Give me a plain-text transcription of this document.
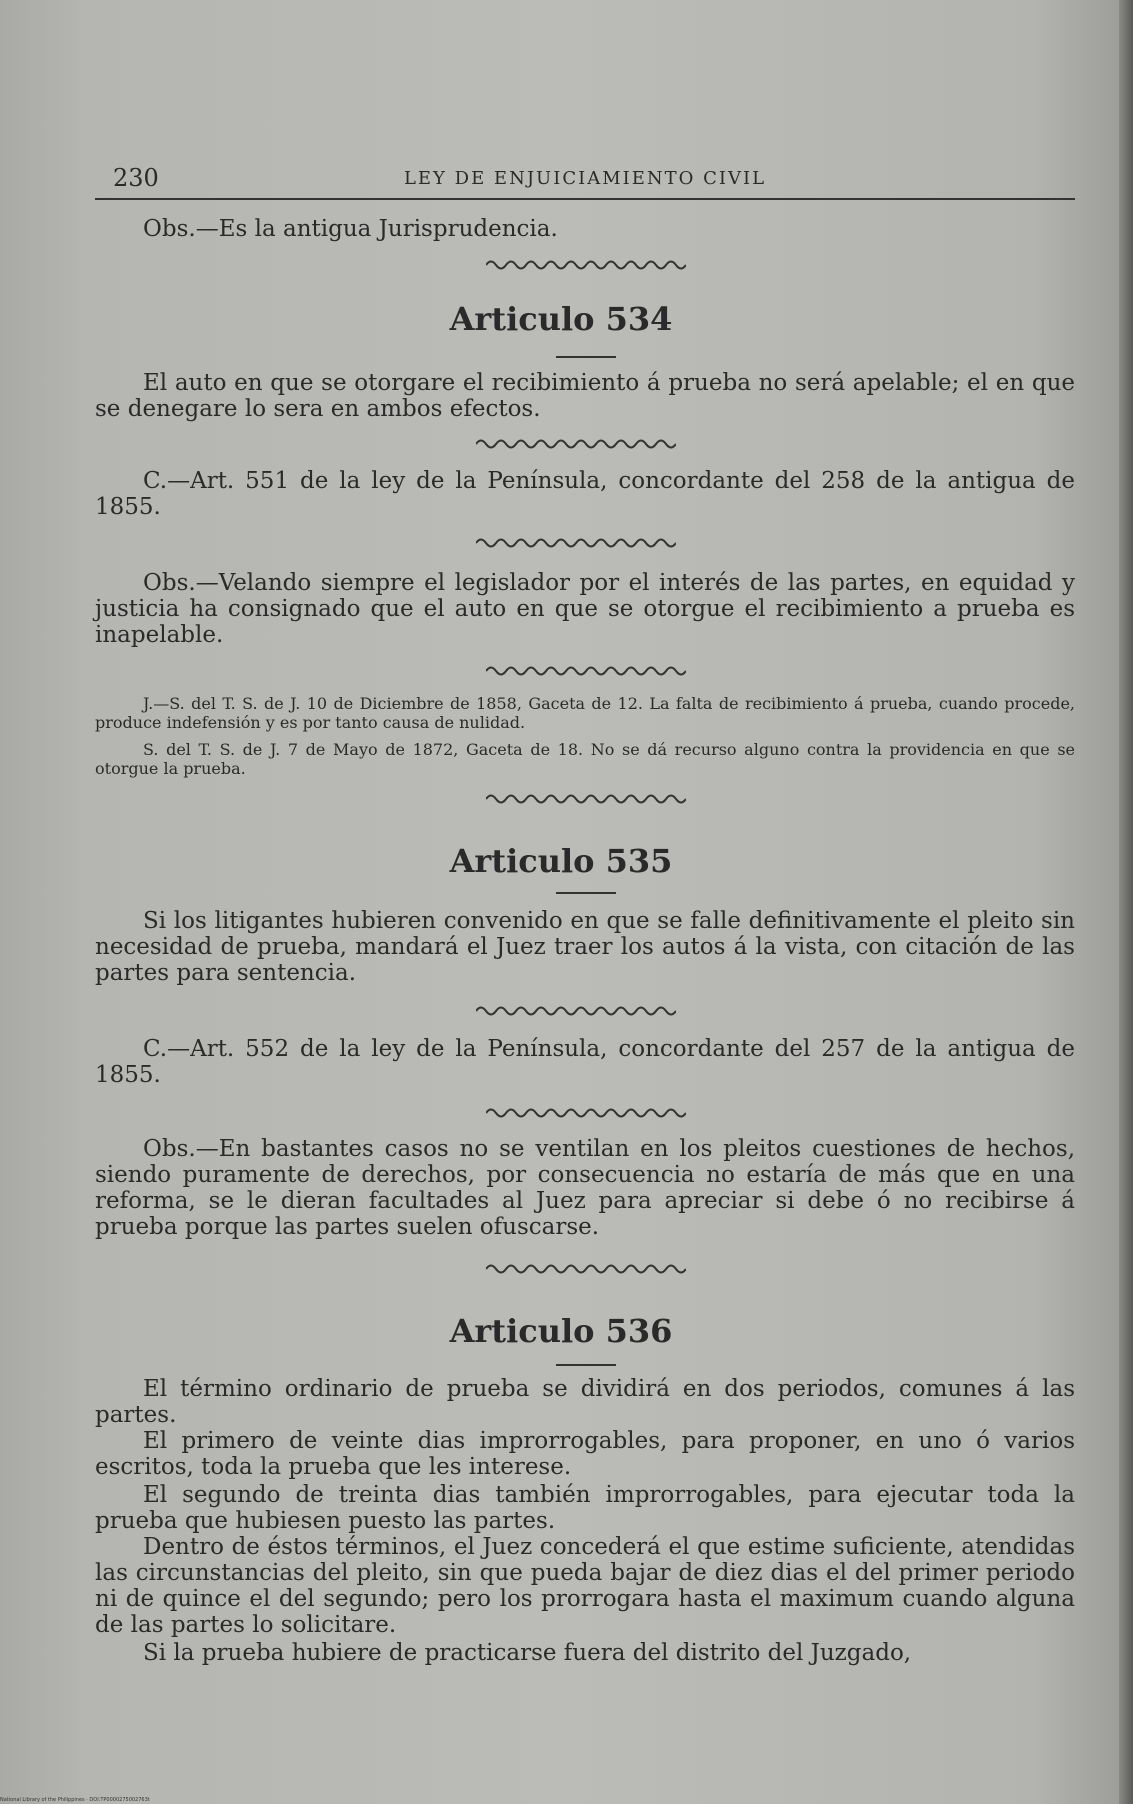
230	LEY DE ENJUICIAMIENTO CIVIL

Obs.—Es la antigua Jurisprudencia.

Articulo 534

El auto en que se otorgare el recibimiento á prueba no será apelable; el en que se denegare lo sera en ambos efectos.

C.—Art. 551 de la ley de la Península, concordante del 258 de la antigua de 1855.

Obs.—Velando siempre el legislador por el interés de las partes, en equidad y justicia ha consignado que el auto en que se otorgue el recibimiento a prueba es inapelable.

J.—S. del T. S. de J. 10 de Diciembre de 1858, Gaceta de 12. La falta de recibimiento á prueba, cuando procede, produce indefensión y es por tanto causa de nulidad.

S. del T. S. de J. 7 de Mayo de 1872, Gaceta de 18. No se dá recurso alguno contra la providencia en que se otorgue la prueba.

Articulo 535

Si los litigantes hubieren convenido en que se falle definitivamente el pleito sin necesidad de prueba, mandará el Juez traer los autos á la vista, con citación de las partes para sentencia.

C.—Art. 552 de la ley de la Península, concordante del 257 de la antigua de 1855.

Obs.—En bastantes casos no se ventilan en los pleitos cuestiones de hechos, siendo puramente de derechos, por consecuencia no estaría de más que en una reforma, se le dieran facultades al Juez para apreciar si debe ó no recibirse á prueba porque las partes suelen ofuscarse.

Articulo 536

El término ordinario de prueba se dividirá en dos periodos, comunes á las partes.

El primero de veinte dias improrrogables, para proponer, en uno ó varios escritos, toda la prueba que les interese.

El segundo de treinta dias también improrrogables, para ejecutar toda la prueba que hubiesen puesto las partes.

Dentro de éstos términos, el Juez concederá el que estime suficiente, atendidas las circunstancias del pleito, sin que pueda bajar de diez dias el del primer periodo ni de quince el del segundo; pero los prorrogara hasta el maximum cuando alguna de las partes lo solicitare.

Si la prueba hubiere de practicarse fuera del distrito del Juzgado,

National Library of the Philippines · DOI:TP0000275002763t
